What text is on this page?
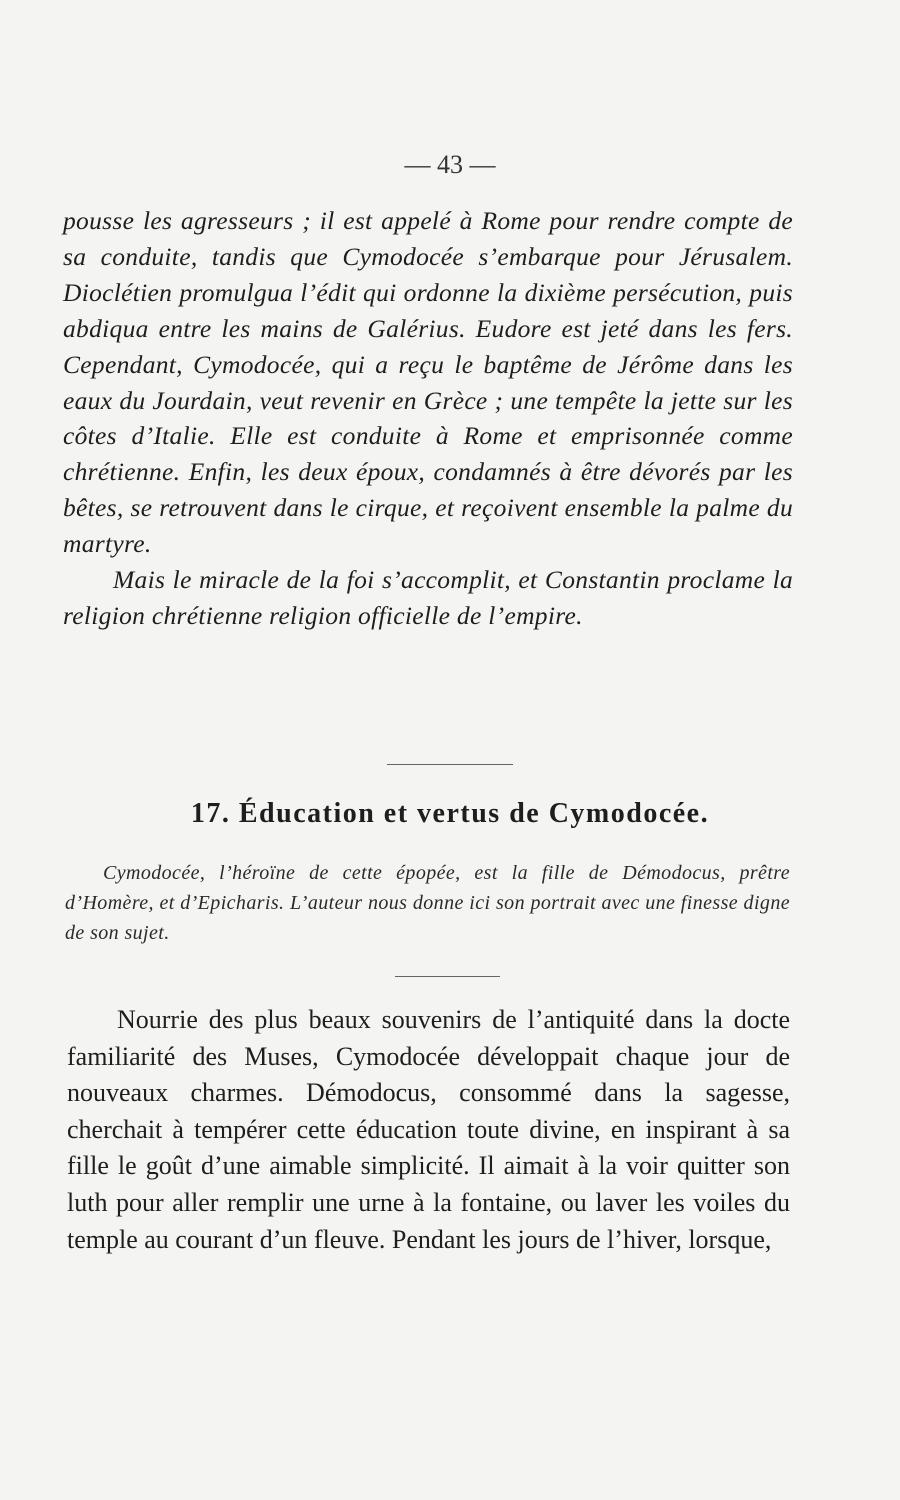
— 43 —

pousse les agresseurs ; il est appelé à Rome pour rendre compte de sa conduite, tandis que Cymodocée s’embarque pour Jérusalem. Dioclétien promulgua l’édit qui ordonne la dixième persécution, puis abdiqua entre les mains de Galérius. Eudore est jeté dans les fers. Cependant, Cymodocée, qui a reçu le baptême de Jérôme dans les eaux du Jourdain, veut revenir en Grèce ; une tempête la jette sur les côtes d’Italie. Elle est conduite à Rome et emprisonnée comme chrétienne. Enfin, les deux époux, condamnés à être dévorés par les bêtes, se retrouvent dans le cirque, et reçoivent ensemble la palme du martyre.

Mais le miracle de la foi s’accomplit, et Constantin proclame la religion chrétienne religion officielle de l’empire.

17. Éducation et vertus de Cymodocée.
Cymodocée, l’héroïne de cette épopée, est la fille de Démodocus, prêtre d’Homère, et d’Epicharis. L’auteur nous donne ici son portrait avec une finesse digne de son sujet.
Nourrie des plus beaux souvenirs de l’antiquité dans la docte familiarité des Muses, Cymodocée développait chaque jour de nouveaux charmes. Démodocus, consommé dans la sagesse, cherchait à tempérer cette éducation toute divine, en inspirant à sa fille le goût d’une aimable simplicité. Il aimait à la voir quitter son luth pour aller remplir une urne à la fontaine, ou laver les voiles du temple au courant d’un fleuve. Pendant les jours de l’hiver, lorsque,
